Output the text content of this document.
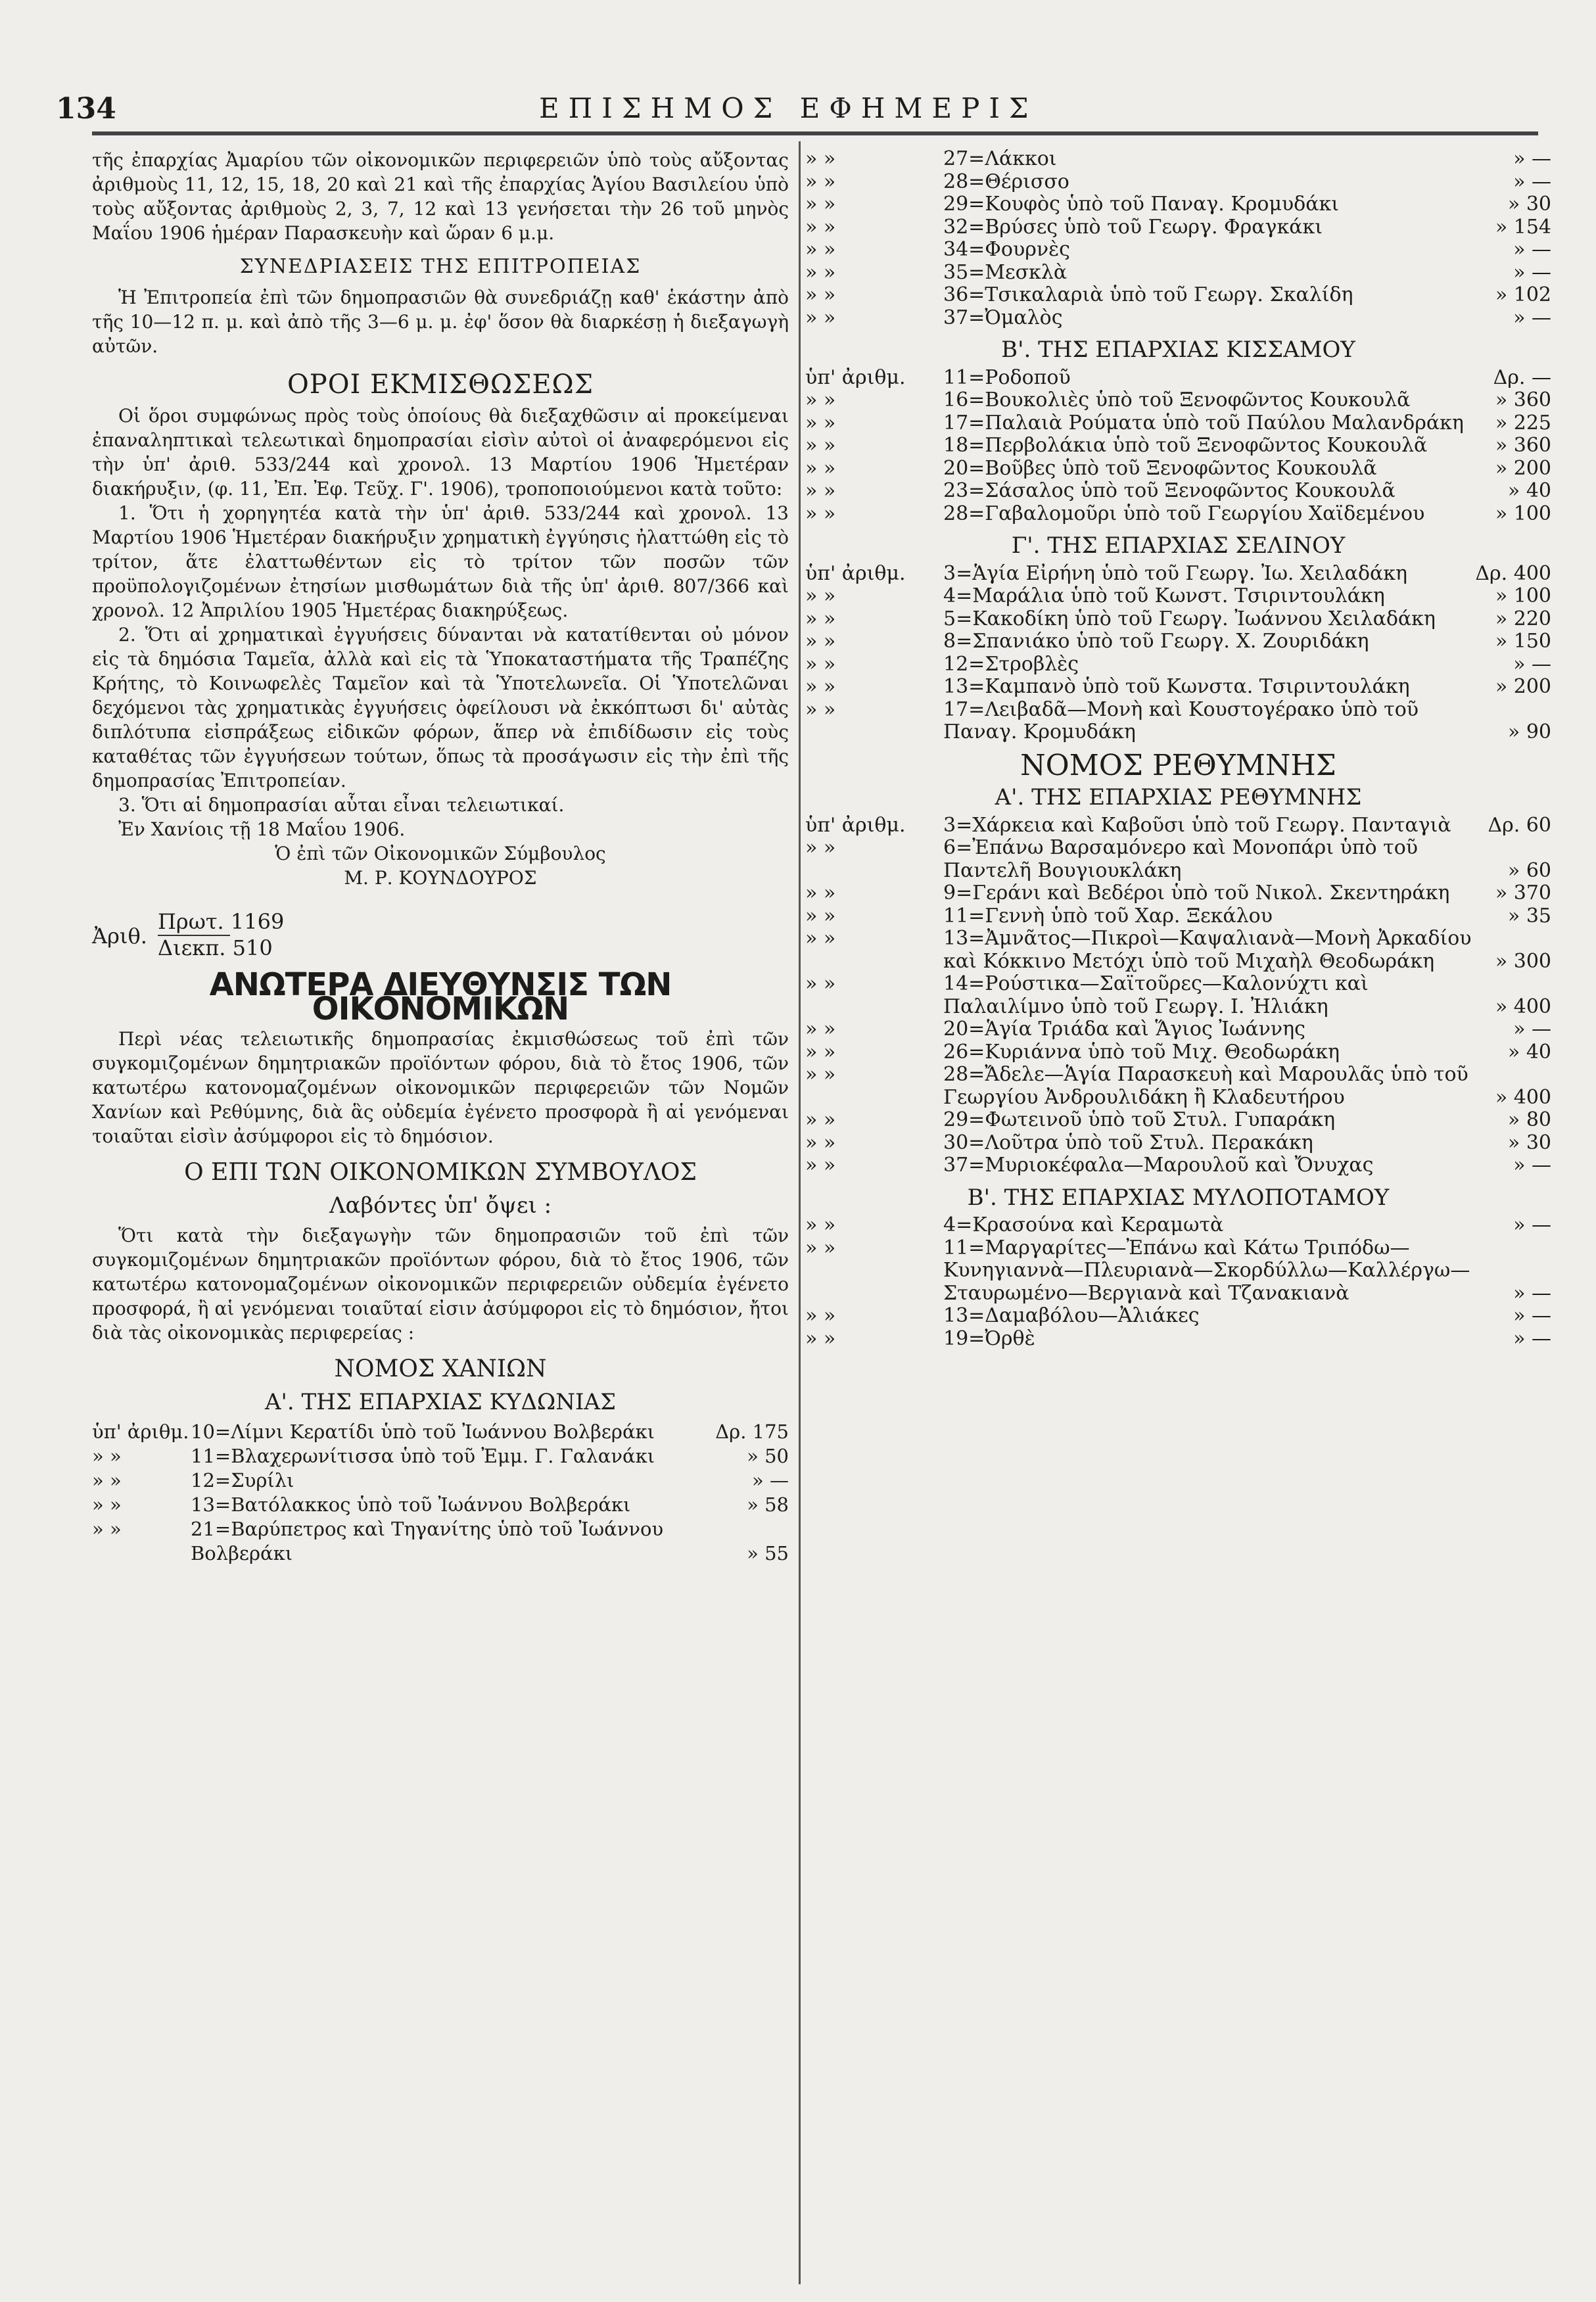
134	ΕΠΙΣΗΜΟΣ ΕΦΗΜΕΡΙΣ

τῆς ἐπαρχίας Ἀμαρίου τῶν οἰκονομικῶν περιφερειῶν ὑπὸ τοὺς αὔξοντας ἀριθμοὺς 11, 12, 15, 18, 20 καὶ 21 καὶ τῆς ἐπαρχίας Ἁγίου Βασιλείου ὑπὸ τοὺς αὔξοντας ἀριθμοὺς 2, 3, 7, 12 καὶ 13 γενήσεται τὴν 26 τοῦ μηνὸς Μαΐου 1906 ἡμέραν Παρασκευὴν καὶ ὥραν 6 μ.μ.

ΣΥΝΕΔΡΙΑΣΕΙΣ ΤΗΣ ΕΠΙΤΡΟΠΕΙΑΣ

Ἡ Ἐπιτροπεία ἐπὶ τῶν δημοπρασιῶν θὰ συνεδριάζῃ καθ' ἑκάστην ἀπὸ τῆς 10—12 π. μ. καὶ ἀπὸ τῆς 3—6 μ. μ. ἐφ' ὅσον θὰ διαρκέσῃ ἡ διεξαγωγὴ αὐτῶν.

ΟΡΟΙ ΕΚΜΙΣΘΩΣΕΩΣ

Οἱ ὅροι συμφώνως πρὸς τοὺς ὁποίους θὰ διεξαχθῶσιν αἱ προκείμεναι ἐπαναληπτικαὶ τελεωτικαὶ δημοπρασίαι εἰσὶν αὐτοὶ οἱ ἀναφερόμενοι εἰς τὴν ὑπ' ἀριθ. 533/244 καὶ χρονολ. 13 Μαρτίου 1906 Ἡμετέραν διακήρυξιν, (φ. 11, Ἐπ. Ἐφ. Τεῦχ. Γ'. 1906), τροποποιούμενοι κατὰ τοῦτο:

1. Ὅτι ἡ χορηγητέα κατὰ τὴν ὑπ' ἀριθ. 533/244 καὶ χρονολ. 13 Μαρτίου 1906 Ἡμετέραν διακήρυξιν χρηματικὴ ἐγγύησις ἠλαττώθη εἰς τὸ τρίτον, ἅτε ἐλαττωθέντων εἰς τὸ τρίτον τῶν ποσῶν τῶν προϋπολογιζομένων ἐτησίων μισθωμάτων διὰ τῆς ὑπ' ἀριθ. 807/366 καὶ χρονολ. 12 Ἀπριλίου 1905 Ἡμετέρας διακηρύξεως.

2. Ὅτι αἱ χρηματικαὶ ἐγγυήσεις δύνανται νὰ κατατίθενται οὐ μόνον εἰς τὰ δημόσια Ταμεῖα, ἀλλὰ καὶ εἰς τὰ Ὑποκαταστήματα τῆς Τραπέζης Κρήτης, τὸ Κοινωφελὲς Ταμεῖον καὶ τὰ Ὑποτελωνεῖα. Οἱ Ὑποτελῶναι δεχόμενοι τὰς χρηματικὰς ἐγγυήσεις ὀφείλουσι νὰ ἐκκόπτωσι δι' αὐτὰς διπλότυπα εἰσπράξεως εἰδικῶν φόρων, ἅπερ νὰ ἐπιδίδωσιν εἰς τοὺς καταθέτας τῶν ἐγγυήσεων τούτων, ὅπως τὰ προσάγωσιν εἰς τὴν ἐπὶ τῆς δημοπρασίας Ἐπιτροπείαν.

3. Ὅτι αἱ δημοπρασίαι αὗται εἶναι τελειωτικαί.

Ἐν Χανίοις τῇ 18 Μαΐου 1906.

Ὁ ἐπὶ τῶν Οἰκονομικῶν Σύμβουλος

Μ. Ρ. ΚΟΥΝΔΟΥΡΟΣ

Ἀριθ.
Πρωτ. 1169
Διεκπ. 510

ΑΝΩΤΕΡΑ ΔΙΕΥΘΥΝΣΙΣ ΤΩΝ ΟΙΚΟΝΟΜΙΚΩΝ

Περὶ νέας τελειωτικῆς δημοπρασίας ἐκμισθώσεως τοῦ ἐπὶ τῶν συγκομιζομένων δημητριακῶν προϊόντων φόρου, διὰ τὸ ἔτος 1906, τῶν κατωτέρω κατονομαζομένων οἰκονομικῶν περιφερειῶν τῶν Νομῶν Χανίων καὶ Ρεθύμνης, διὰ ἃς οὐδεμία ἐγένετο προσφορὰ ἢ αἱ γενόμεναι τοιαῦται εἰσὶν ἀσύμφοροι εἰς τὸ δημόσιον.

Ο ΕΠΙ ΤΩΝ ΟΙΚΟΝΟΜΙΚΩΝ ΣΥΜΒΟΥΛΟΣ

Λαβόντες ὑπ' ὄψει :

Ὅτι κατὰ τὴν διεξαγωγὴν τῶν δημοπρασιῶν τοῦ ἐπὶ τῶν συγκομιζομένων δημητριακῶν προϊόντων φόρου, διὰ τὸ ἔτος 1906, τῶν κατωτέρω κατονομαζομένων οἰκονομικῶν περιφερειῶν οὐδεμία ἐγένετο προσφορά, ἢ αἱ γενόμεναι τοιαῦταί εἰσιν ἀσύμφοροι εἰς τὸ δημόσιον, ἤτοι διὰ τὰς οἰκονομικὰς περιφερείας :

ΝΟΜΟΣ ΧΑΝΙΩΝ

Α'. ΤΗΣ ΕΠΑΡΧΙΑΣ ΚΥΔΩΝΙΑΣ

ὑπ' ἀριθμ. 10=Λίμνι Κερατίδι ὑπὸ τοῦ Ἰωάννου Βολβεράκι	Δρ. 175
» »	11=Βλαχερωνίτισσα ὑπὸ τοῦ Ἐμμ. Γ. Γαλανάκι	» 50
» »	12=Συρίλι	» —
» »	13=Βατόλακκος ὑπὸ τοῦ Ἰωάννου Βολβεράκι	» 58
» »	21=Βαρύπετρος καὶ Τηγανίτης ὑπὸ τοῦ Ἰωάννου Βολβεράκι	» 55
» »	27=Λάκκοι	» —
» »	28=Θέρισσο	» —
» »	29=Κουφὸς ὑπὸ τοῦ Παναγ. Κρομυδάκι	» 30
» »	32=Βρύσες ὑπὸ τοῦ Γεωργ. Φραγκάκι	» 154
» »	34=Φουρνὲς	» —
» »	35=Μεσκλὰ	» —
» »	36=Τσικαλαριὰ ὑπὸ τοῦ Γεωργ. Σκαλίδη	» 102
» »	37=Ὀμαλὸς	» —

Β'. ΤΗΣ ΕΠΑΡΧΙΑΣ ΚΙΣΣΑΜΟΥ

ὑπ' ἀριθμ. 11=Ροδοποῦ	Δρ. —
» »	16=Βουκολιὲς ὑπὸ τοῦ Ξενοφῶντος Κουκουλᾶ	» 360
» »	17=Παλαιὰ Ρούματα ὑπὸ τοῦ Παύλου Μαλανδράκη » 225
» »	18=Περβολάκια ὑπὸ τοῦ Ξενοφῶντος Κουκουλᾶ	» 360
» »	20=Βοῦβες ὑπὸ τοῦ Ξενοφῶντος Κουκουλᾶ	» 200
» »	23=Σάσαλος ὑπὸ τοῦ Ξενοφῶντος Κουκουλᾶ	» 40
» »	28=Γαβαλομοῦρι ὑπὸ τοῦ Γεωργίου Χαϊδεμένου	» 100

Γ'. ΤΗΣ ΕΠΑΡΧΙΑΣ ΣΕΛΙΝΟΥ

ὑπ' ἀριθμ. 3=Ἁγία Εἰρήνη ὑπὸ τοῦ Γεωργ. Ἰω. Χειλαδάκη	Δρ. 400
» »	4=Μαράλια ὑπὸ τοῦ Κωνστ. Τσιριντουλάκη	» 100
» »	5=Κακοδίκη ὑπὸ τοῦ Γεωργ. Ἰωάννου Χειλαδάκη	» 220
» »	8=Σπανιάκο ὑπὸ τοῦ Γεωργ. Χ. Ζουριδάκη	» 150
» »	12=Στροβλὲς	» —
» »	13=Καμπανὸ ὑπὸ τοῦ Κωνστα. Τσιριντουλάκη	» 200
» »	17=Λειβαδᾶ—Μονὴ καὶ Κουστογέρακο ὑπὸ τοῦ Παναγ. Κρομυδάκη	» 90

ΝΟΜΟΣ ΡΕΘΥΜΝΗΣ

Α'. ΤΗΣ ΕΠΑΡΧΙΑΣ ΡΕΘΥΜΝΗΣ

ὑπ' ἀριθμ. 3=Χάρκεια καὶ Καβοῦσι ὑπὸ τοῦ Γεωργ. Πανταγιὰ Δρ. 60
» »	6=Ἐπάνω Βαρσαμόνερο καὶ Μονοπάρι ὑπὸ τοῦ Παντελῆ Βουγιουκλάκη	» 60
» »	9=Γεράνι καὶ Βεδέροι ὑπὸ τοῦ Νικολ. Σκεντηράκη » 370
» »	11=Γεννὴ ὑπὸ τοῦ Χαρ. Ξεκάλου	» 35
» »	13=Ἀμνᾶτος—Πικροὶ—Καψαλιανὰ—Μονὴ Ἀρκαδίου καὶ Κόκκινο Μετόχι ὑπὸ τοῦ Μιχαὴλ Θεοδωράκη	» 300
» »	14=Ρούστικα—Σαϊτοῦρες—Καλονύχτι καὶ Παλαιλίμνο ὑπὸ τοῦ Γεωργ. Ι. Ἠλιάκη	» 400
» »	20=Ἁγία Τριάδα καὶ Ἅγιος Ἰωάννης	» —
» »	26=Κυριάννα ὑπὸ τοῦ Μιχ. Θεοδωράκη	» 40
» »	28=Ἄδελε—Ἁγία Παρασκευὴ καὶ Μαρουλᾶς ὑπὸ τοῦ Γεωργίου Ἀνδρουλιδάκη ἢ Κλαδευτήρου	» 400
» »	29=Φωτεινοῦ ὑπὸ τοῦ Στυλ. Γυπαράκη	» 80
» »	30=Λοῦτρα ὑπὸ τοῦ Στυλ. Περακάκη	» 30
» »	37=Μυριοκέφαλα—Μαρουλοῦ καὶ Ὄνυχας	» —

Β'. ΤΗΣ ΕΠΑΡΧΙΑΣ ΜΥΛΟΠΟΤΑΜΟΥ

» »	4=Κρασούνα καὶ Κεραμωτὰ	» —
» »	11=Μαργαρίτες—Ἐπάνω καὶ Κάτω Τριπόδω—Κυνηγιαννὰ—Πλευριανὰ—Σκορδύλλω—Καλλέργω—Σταυρωμένο—Βεργιανὰ καὶ Τζανακιανὰ	» —
» »	13=Δαμαβόλου—Ἀλιάκες	» —
» »	19=Ὀρθὲ	» —
